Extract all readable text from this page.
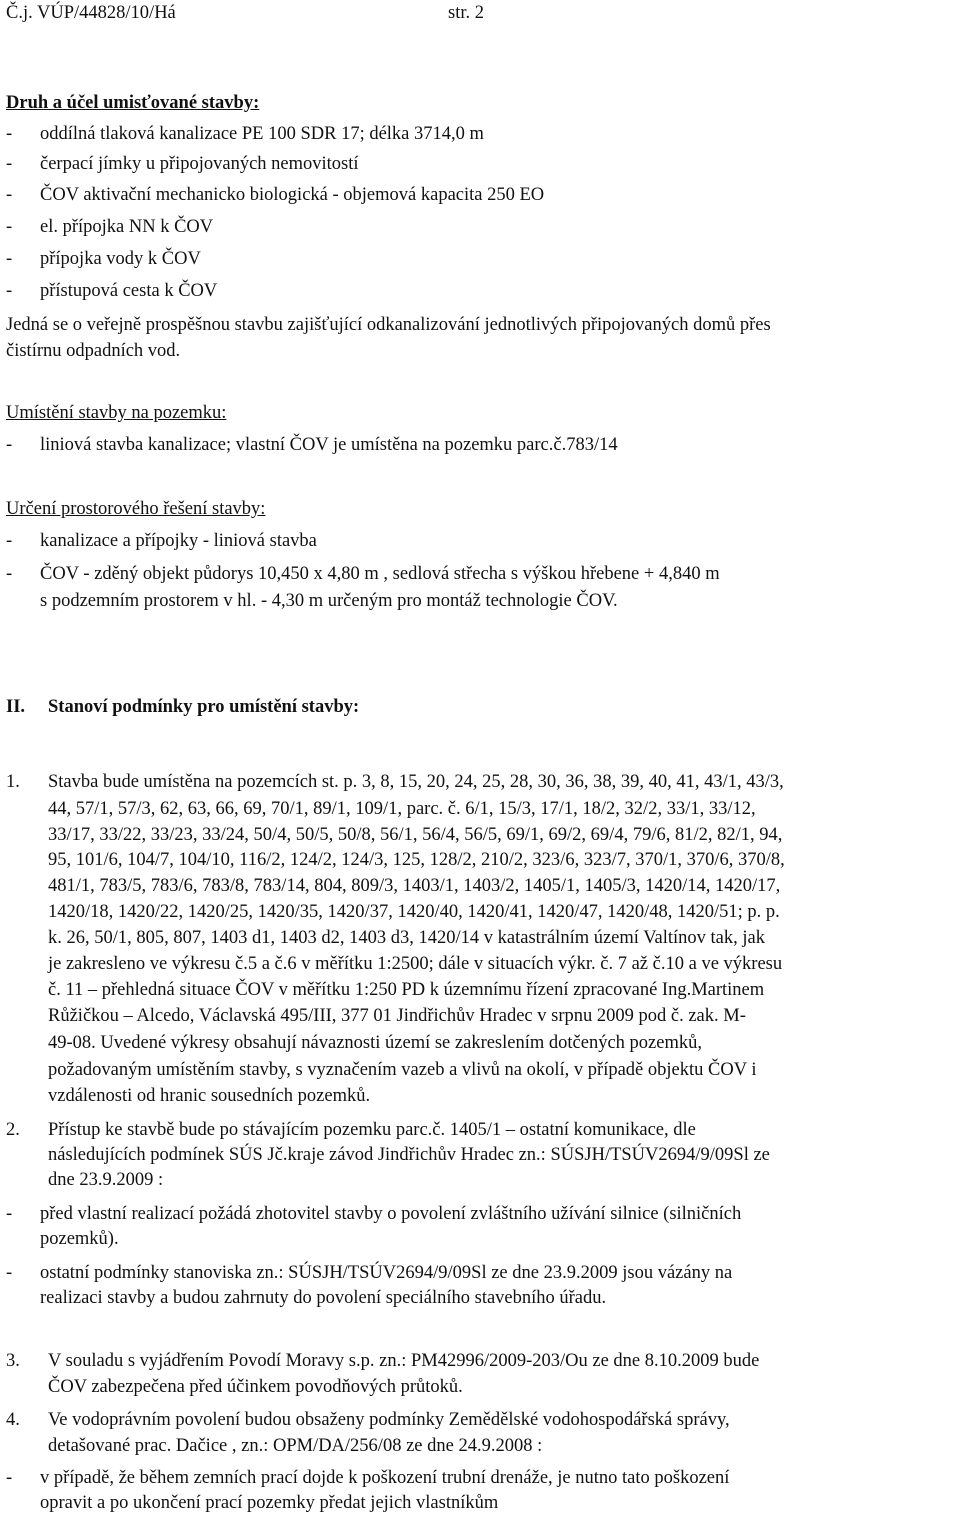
Č.j. VÚP/44828/10/Há	str. 2
Druh a účel umisťované stavby:
- oddílná tlaková kanalizace PE 100 SDR 17; délka 3714,0 m
- čerpací jímky u připojovaných nemovitostí
- ČOV aktivační mechanicko biologická - objemová kapacita 250 EO
- el. přípojka NN k ČOV
- přípojka vody k ČOV
- přístupová cesta k ČOV
Jedná se o veřejně prospěšnou stavbu zajišťující odkanalizování jednotlivých připojovaných domů přes
čistírnu odpadních vod.
Umístění stavby na pozemku:
- liniová stavba kanalizace; vlastní ČOV je umístěna na pozemku parc.č.783/14
Určení prostorového řešení stavby:
- kanalizace a přípojky - liniová stavba
- ČOV - zděný objekt půdorys 10,450 x 4,80 m , sedlová střecha s výškou hřebene + 4,840 m
s podzemním prostorem v hl. - 4,30 m určeným pro montáž technologie ČOV.
II. Stanoví podmínky pro umístění stavby:
1. Stavba bude umístěna na pozemcích st. p. 3, 8, 15, 20, 24, 25, 28, 30, 36, 38, 39, 40, 41, 43/1, 43/3,
44, 57/1, 57/3, 62, 63, 66, 69, 70/1, 89/1, 109/1, parc. č. 6/1, 15/3, 17/1, 18/2, 32/2, 33/1, 33/12,
33/17, 33/22, 33/23, 33/24, 50/4, 50/5, 50/8, 56/1, 56/4, 56/5, 69/1, 69/2, 69/4, 79/6, 81/2, 82/1, 94,
95, 101/6, 104/7, 104/10, 116/2, 124/2, 124/3, 125, 128/2, 210/2, 323/6, 323/7, 370/1, 370/6, 370/8,
481/1, 783/5, 783/6, 783/8, 783/14, 804, 809/3, 1403/1, 1403/2, 1405/1, 1405/3, 1420/14, 1420/17,
1420/18, 1420/22, 1420/25, 1420/35, 1420/37, 1420/40, 1420/41, 1420/47, 1420/48, 1420/51; p. p.
k. 26, 50/1, 805, 807, 1403 d1, 1403 d2, 1403 d3, 1420/14 v katastrálním území Valtínov tak, jak
je zakresleno ve výkresu č.5 a č.6 v měřítku 1:2500; dále v situacích výkr. č. 7 až č.10 a ve výkresu
č. 11 – přehledná situace ČOV v měřítku 1:250 PD k územnímu řízení zpracované Ing.Martinem
Růžičkou – Alcedo, Václavská 495/III, 377 01 Jindřichův Hradec v srpnu 2009 pod č. zak. M-
49-08. Uvedené výkresy obsahují návaznosti území se zakreslením dotčených pozemků,
požadovaným umístěním stavby, s vyznačením vazeb a vlivů na okolí, v případě objektu ČOV i
vzdálenosti od hranic sousedních pozemků.
2. Přístup ke stavbě bude po stávajícím pozemku parc.č. 1405/1 – ostatní komunikace, dle
následujících podmínek SÚS Jč.kraje závod Jindřichův Hradec zn.: SÚSJH/TSÚV2694/9/09Sl ze
dne 23.9.2009 :
- před vlastní realizací požádá zhotovitel stavby o povolení zvláštního užívání silnice (silničních
pozemků).
- ostatní podmínky stanoviska zn.: SÚSJH/TSÚV2694/9/09Sl ze dne 23.9.2009 jsou vázány na
realizaci stavby a budou zahrnuty do povolení speciálního stavebního úřadu.
3. V souladu s vyjádřením Povodí Moravy s.p. zn.: PM42996/2009-203/Ou ze dne 8.10.2009 bude
ČOV zabezpečena před účinkem povodňových průtoků.
4. Ve vodoprávním povolení budou obsaženy podmínky Zemědělské vodohospodářská správy,
detašované prac. Dačice , zn.: OPM/DA/256/08 ze dne 24.9.2008 :
- v případě, že během zemních prací dojde k poškození trubní drenáže, je nutno tato poškození
opravit a po ukončení prací pozemky předat jejich vlastníkům
